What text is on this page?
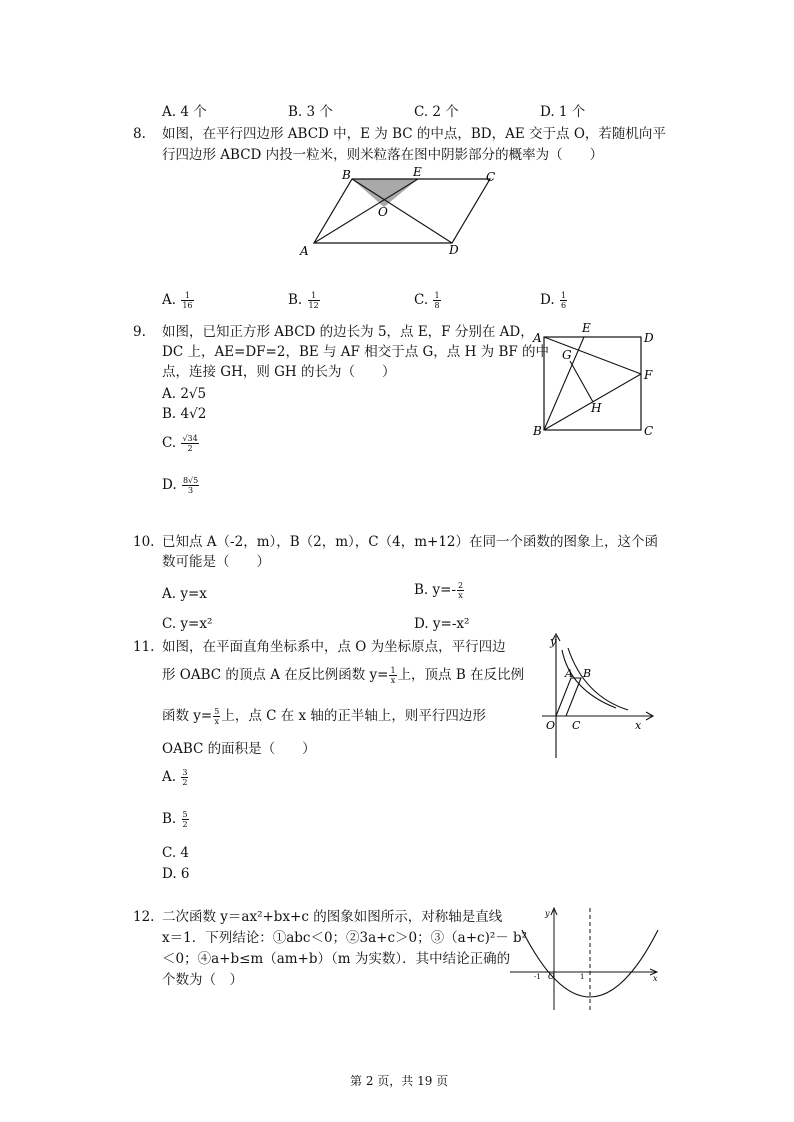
A. 4 个	B. 3 个	C. 2 个	D. 1 个
8. 如图，在平行四边形 ABCD 中，E 为 BC 的中点，BD，AE 交于点 O，若随机向平
行四边形 ABCD 内投一粒米，则米粒落在图中阴影部分的概率为（　　）
B	E	C
O
A	D
A. $\frac{1}{16}$	B. $\frac{1}{12}$	C. $\frac{1}{8}$	D. $\frac{1}{6}$
9. 如图，已知正方形 ABCD 的边长为 5，点 E，F 分别在 AD，
DC 上，AE=DF=2，BE 与 AF 相交于点 G，点 H 为 BF 的中
点，连接 GH，则 GH 的长为（　　）
A. 2√5
B. 4√2
C. $\frac{√34}{2}$
D. $\frac{8√5}{3}$
A
E
D
G
F
H
B	C
10. 已知点 A（-2，m），B（2，m），C（4，m+12）在同一个函数的图象上，这个函
数可能是（　　）
A. y=x	B. $y=- \frac{2}{x}$
C. y=x²	D. y=-x²
11. 如图，在平面直角坐标系中，点 O 为坐标原点，平行四边
形 OABC 的顶点 A 在反比例函数 $y= \frac{1}{x}$ 上，顶点 B 在反比例
函数 $y= \frac{5}{x}$ 上，点 C 在 x 轴的正半轴上，则平行四边形
OABC 的面积是（　　）
A. $\frac{3}{2}$
B. $\frac{5}{2}$
C. 4
D. 6
y
x
O
A B
C
12. 二次函数 y＝ax²+bx+c 的图象如图所示，对称轴是直线
x＝1．下列结论：①abc＜0；②3a+c＞0；③（a+c)²－ b²
＜0；④a+b≤m（am+b）（m 为实数）．其中结论正确的
个数为（　）
y
x
O
-1	1
第 2 页，共 19 页
